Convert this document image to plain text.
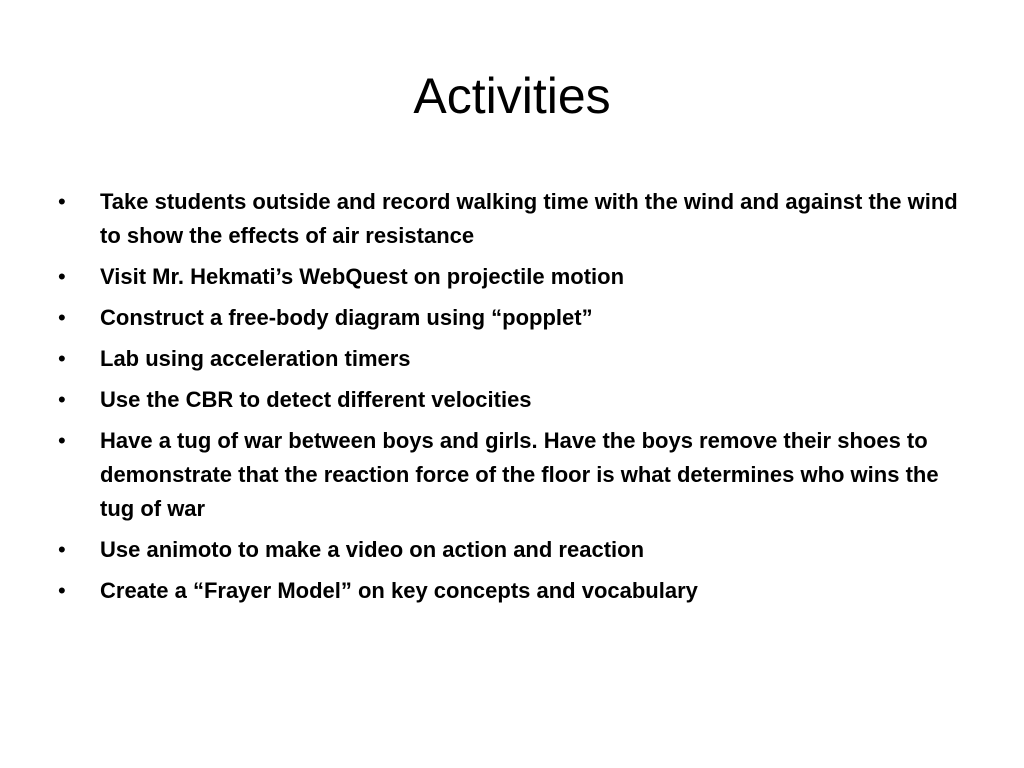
Activities
•	Take students outside and record walking time with the wind and against the wind to show the effects of air resistance
•	Visit Mr. Hekmati’s WebQuest on projectile motion
•	Construct a free-body diagram using “popplet”
•	Lab using acceleration timers
•	Use the CBR to detect different velocities
•	Have a tug of war between boys and girls. Have the boys remove their shoes to demonstrate that the reaction force of the floor is what determines who wins the tug of war
•	Use animoto to make a video on action and reaction
•	Create a “Frayer Model” on key concepts and vocabulary
